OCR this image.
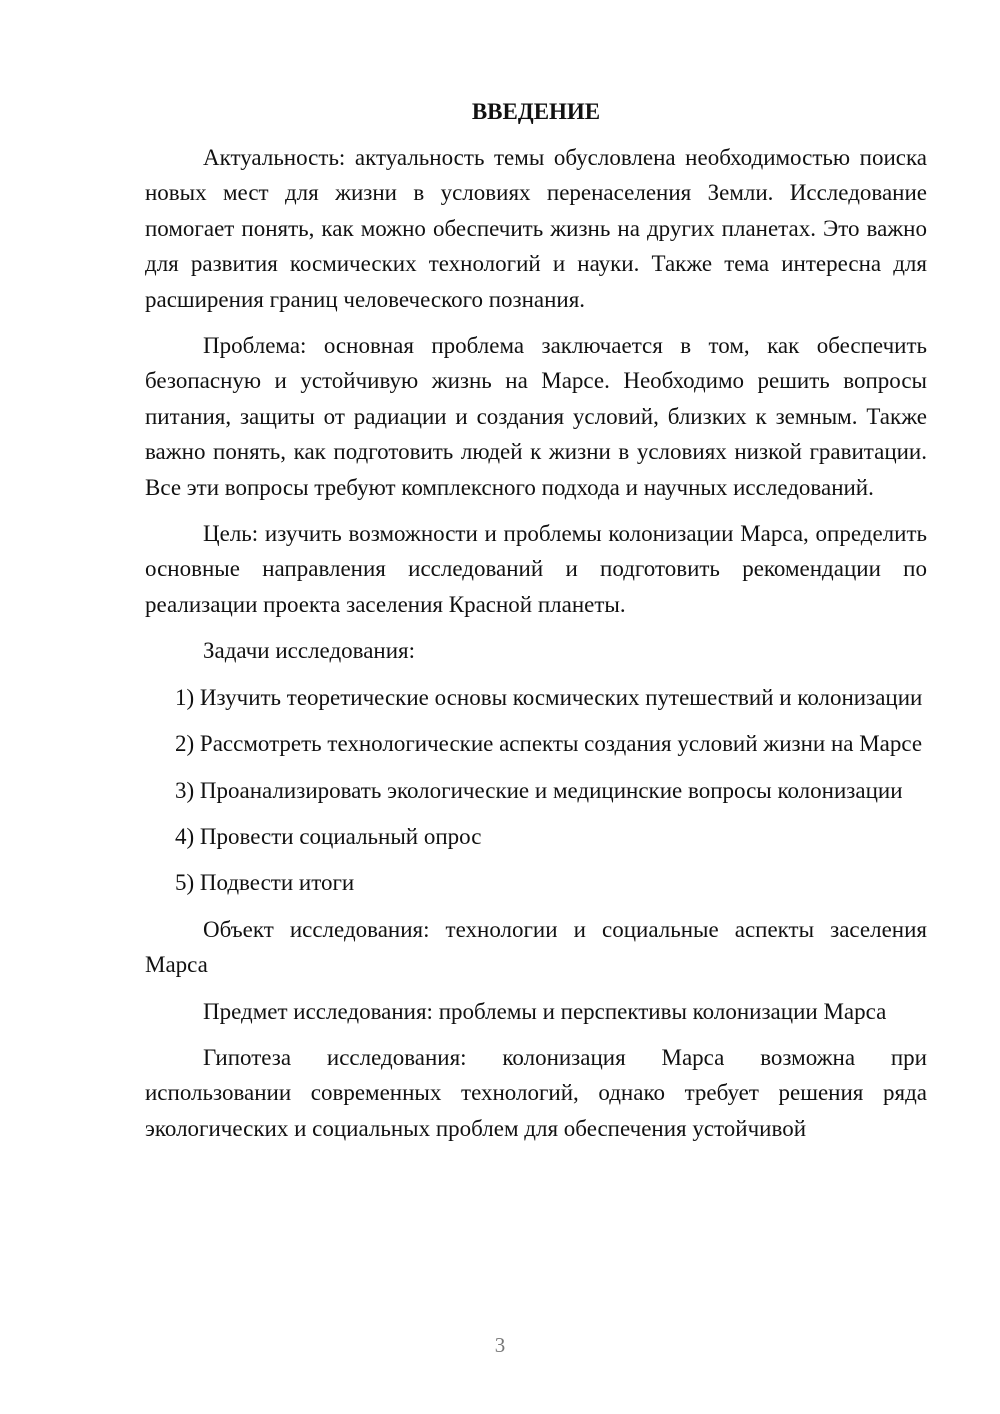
ВВЕДЕНИЕ

Актуальность: актуальность темы обусловлена необходимостью поиска новых мест для жизни в условиях перенаселения Земли. Исследование помогает понять, как можно обеспечить жизнь на других планетах. Это важно для развития космических технологий и науки. Также тема интересна для расширения границ человеческого познания.

Проблема: основная проблема заключается в том, как обеспечить безопасную и устойчивую жизнь на Марсе. Необходимо решить вопросы питания, защиты от радиации и создания условий, близких к земным. Также важно понять, как подготовить людей к жизни в условиях низкой гравитации. Все эти вопросы требуют комплексного подхода и научных исследований.

Цель: изучить возможности и проблемы колонизации Марса, определить основные направления исследований и подготовить рекомендации по реализации проекта заселения Красной планеты.

Задачи исследования:

1) Изучить теоретические основы космических путешествий и колонизации

2) Рассмотреть технологические аспекты создания условий жизни на Марсе

3) Проанализировать экологические и медицинские вопросы колонизации

4) Провести социальный опрос

5) Подвести итоги

Объект исследования: технологии и социальные аспекты заселения Марса

Предмет исследования: проблемы и перспективы колонизации Марса

Гипотеза исследования: колонизация Марса возможна при использовании современных технологий, однако требует решения ряда экологических и социальных проблем для обеспечения устойчивой

3
